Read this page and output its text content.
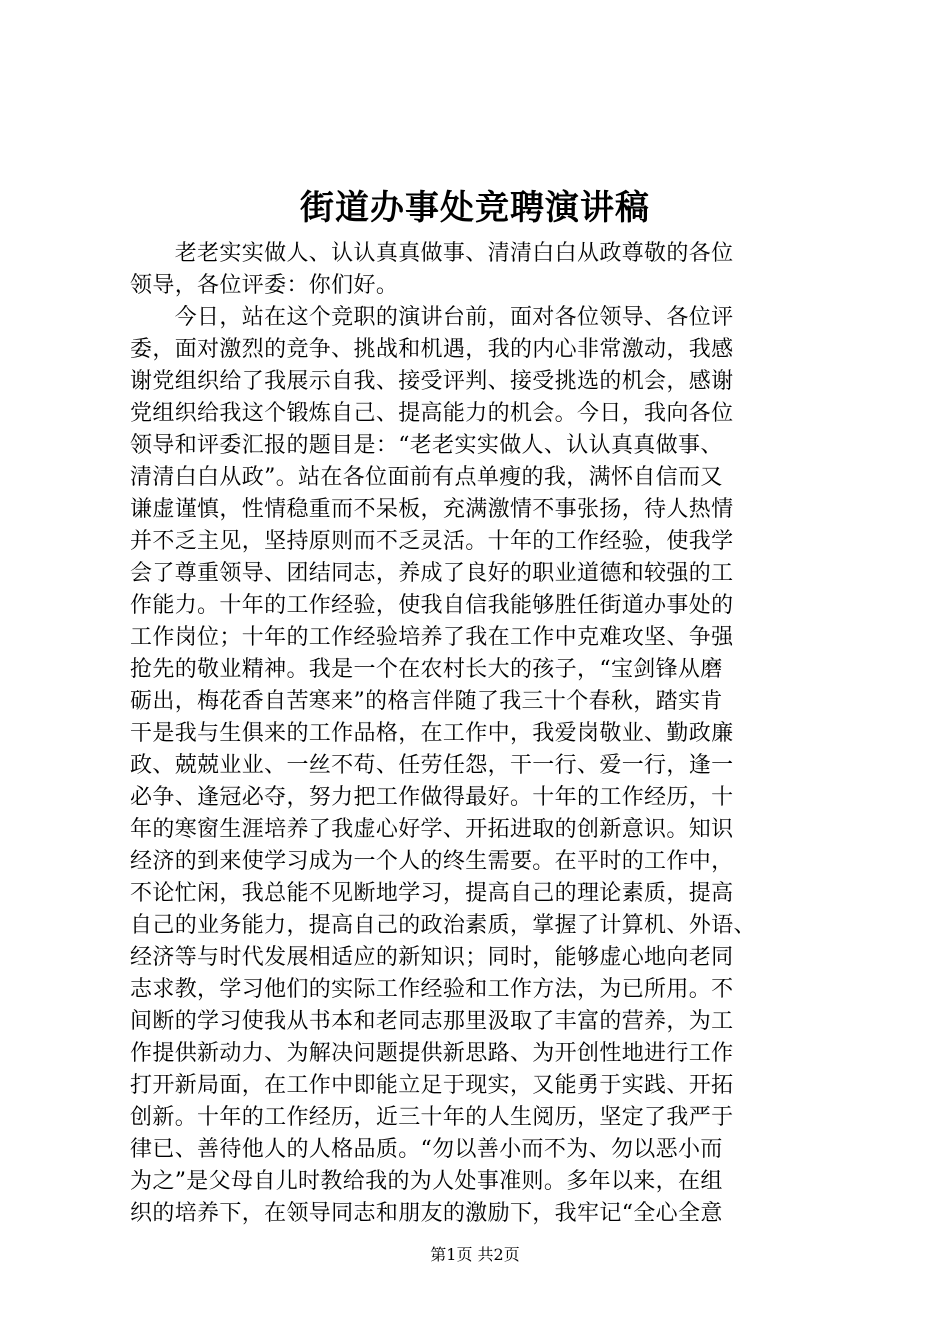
街道办事处竞聘演讲稿
　　老老实实做人、认认真真做事、清清白白从政尊敬的各位
领导，各位评委：你们好。
　　今日，站在这个竞职的演讲台前，面对各位领导、各位评
委，面对激烈的竞争、挑战和机遇，我的内心非常激动，我感
谢党组织给了我展示自我、接受评判、接受挑选的机会，感谢
党组织给我这个锻炼自己、提高能力的机会。今日，我向各位
领导和评委汇报的题目是：“老老实实做人、认认真真做事、
清清白白从政”。站在各位面前有点单瘦的我，满怀自信而又
谦虚谨慎，性情稳重而不呆板，充满激情不事张扬，待人热情
并不乏主见，坚持原则而不乏灵活。十年的工作经验，使我学
会了尊重领导、团结同志，养成了良好的职业道德和较强的工
作能力。十年的工作经验，使我自信我能够胜任街道办事处的
工作岗位；十年的工作经验培养了我在工作中克难攻坚、争强
抢先的敬业精神。我是一个在农村长大的孩子，“宝剑锋从磨
砺出，梅花香自苦寒来”的格言伴随了我三十个春秋，踏实肯
干是我与生俱来的工作品格，在工作中，我爱岗敬业、勤政廉
政、兢兢业业、一丝不苟、任劳任怨，干一行、爱一行，逢一
必争、逢冠必夺，努力把工作做得最好。十年的工作经历，十
年的寒窗生涯培养了我虚心好学、开拓进取的创新意识。知识
经济的到来使学习成为一个人的终生需要。在平时的工作中，
不论忙闲，我总能不见断地学习，提高自己的理论素质，提高
自己的业务能力，提高自己的政治素质，掌握了计算机、外语、
经济等与时代发展相适应的新知识；同时，能够虚心地向老同
志求教，学习他们的实际工作经验和工作方法，为已所用。不
间断的学习使我从书本和老同志那里汲取了丰富的营养，为工
作提供新动力、为解决问题提供新思路、为开创性地进行工作
打开新局面，在工作中即能立足于现实，又能勇于实践、开拓
创新。十年的工作经历，近三十年的人生阅历，坚定了我严于
律已、善待他人的人格品质。“勿以善小而不为、勿以恶小而
为之”是父母自儿时教给我的为人处事准则。多年以来，在组
织的培养下，在领导同志和朋友的激励下，我牢记“全心全意
第1页 共2页
